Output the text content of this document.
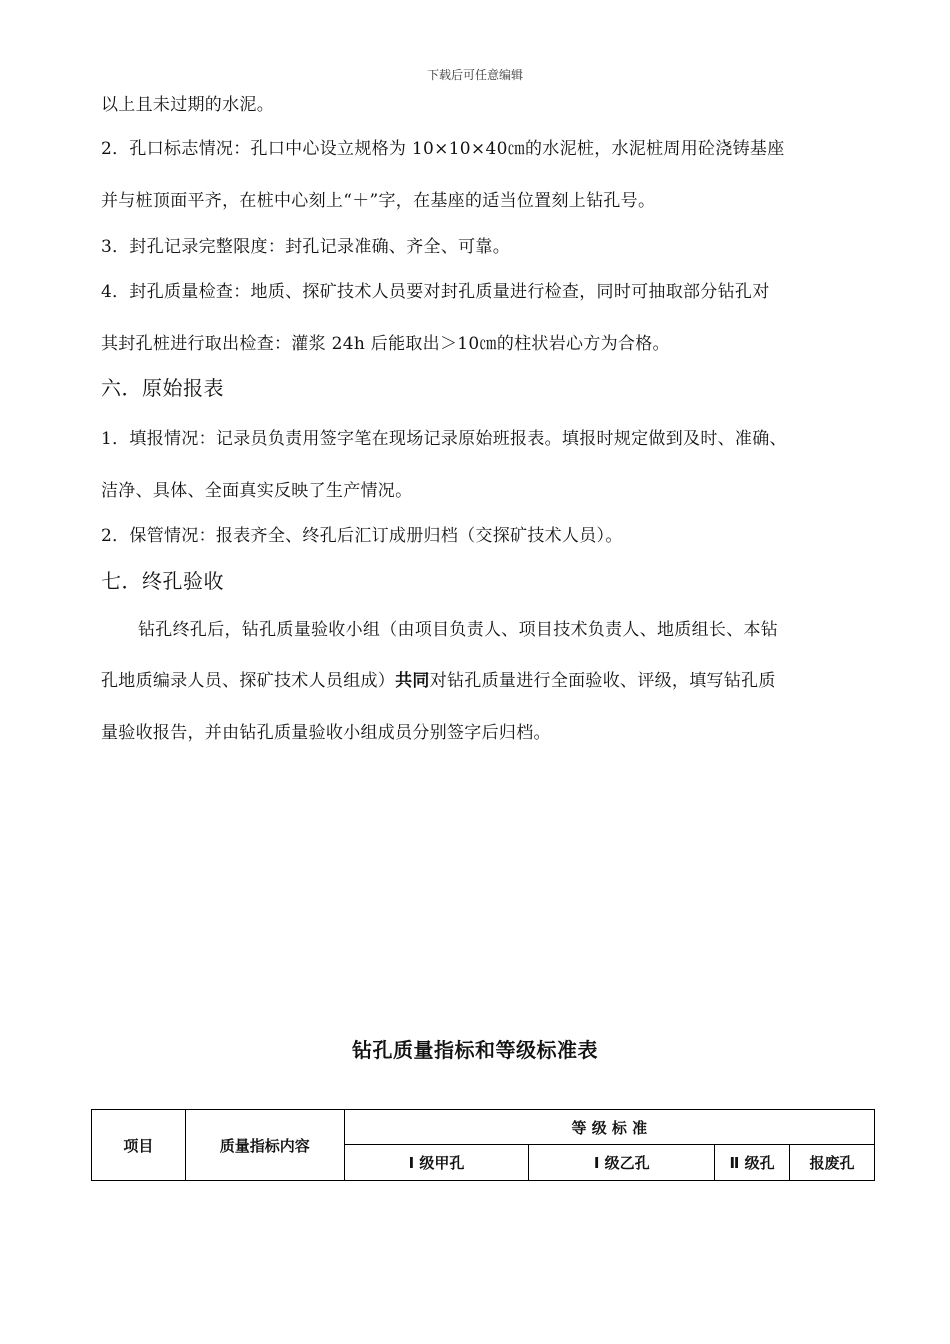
下载后可任意编辑
以上且未过期的水泥。
2．孔口标志情况：孔口中心设立规格为 10×10×40㎝的水泥桩，水泥桩周用砼浇铸基座
并与桩顶面平齐，在桩中心刻上“＋”字，在基座的适当位置刻上钻孔号。
3．封孔记录完整限度：封孔记录准确、齐全、可靠。
4．封孔质量检查：地质、探矿技术人员要对封孔质量进行检查，同时可抽取部分钻孔对
其封孔桩进行取出检查：灌浆 24h 后能取出＞10㎝的柱状岩心方为合格。
六．原始报表
1．填报情况：记录员负责用签字笔在现场记录原始班报表。填报时规定做到及时、准确、
洁净、具体、全面真实反映了生产情况。
2．保管情况：报表齐全、终孔后汇订成册归档（交探矿技术人员）。
七．终孔验收
钻孔终孔后，钻孔质量验收小组（由项目负责人、项目技术负责人、地质组长、本钻
孔地质编录人员、探矿技术人员组成）共同对钻孔质量进行全面验收、评级，填写钻孔质
量验收报告，并由钻孔质量验收小组成员分别签字后归档。
钻孔质量指标和等级标准表
项目	质量指标内容	等 级 标 准			
		Ⅰ 级甲孔	Ⅰ 级乙孔	Ⅱ 级孔	报废孔
